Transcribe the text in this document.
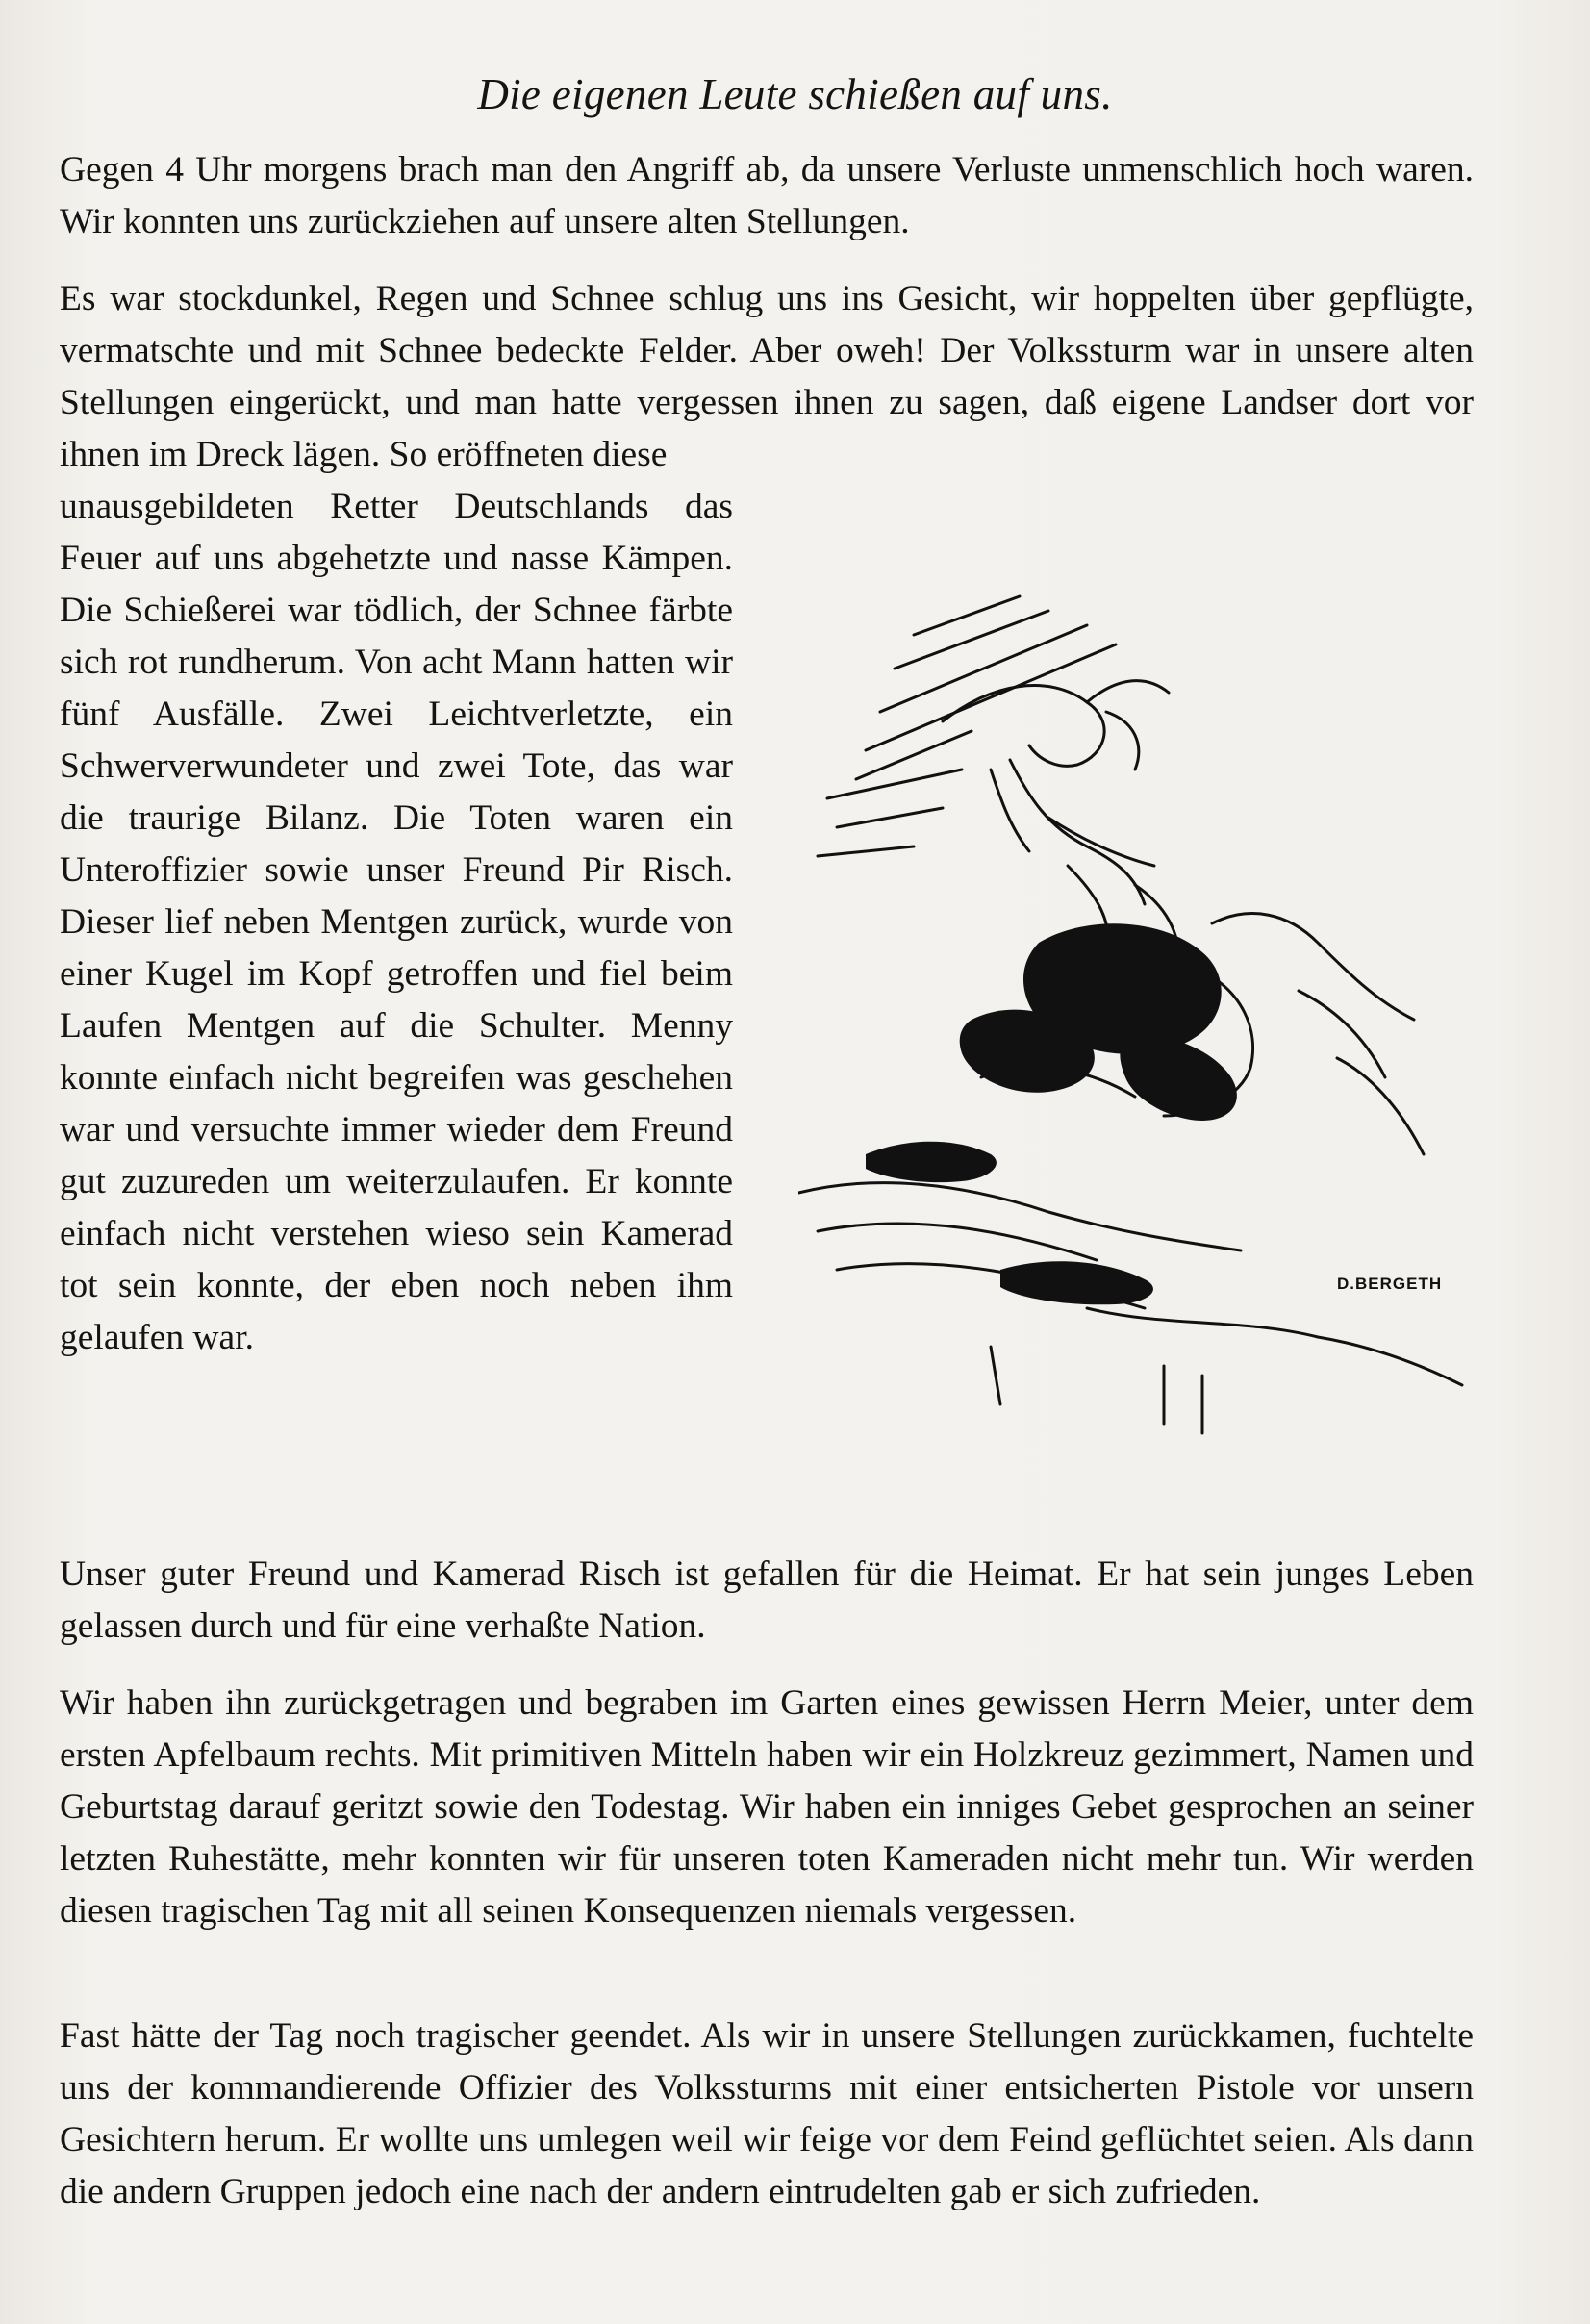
Die eigenen Leute schießen auf uns.

Gegen 4 Uhr morgens brach man den Angriff ab, da unsere Verluste unmenschlich hoch waren. Wir konnten uns zurückziehen auf unsere alten Stellungen.

Es war stockdunkel, Regen und Schnee schlug uns ins Gesicht, wir hoppelten über gepflügte, vermatschte und mit Schnee bedeckte Felder. Aber oweh! Der Volkssturm war in unsere alten Stellungen eingerückt, und man hatte vergessen ihnen zu sagen, daß eigene Landser dort vor ihnen im Dreck lägen. So eröffneten diese

unausgebildeten Retter Deutschlands das Feuer auf uns abgehetzte und nasse Kämpen. Die Schießerei war tödlich, der Schnee färbte sich rot rundherum. Von acht Mann hatten wir fünf Ausfälle. Zwei Leichtverletzte, ein Schwerverwundeter und zwei Tote, das war die traurige Bilanz. Die Toten waren ein Unteroffizier sowie unser Freund Pir Risch. Dieser lief neben Mentgen zurück, wurde von einer Kugel im Kopf getroffen und fiel beim Laufen Mentgen auf die Schulter. Menny konnte einfach nicht begreifen was geschehen war und versuchte immer wieder dem Freund gut zuzureden um weiterzulaufen. Er konnte einfach nicht verstehen wieso sein Kamerad tot sein konnte, der eben noch neben ihm gelaufen war.

Unser guter Freund und Kamerad Risch ist gefallen für die Heimat. Er hat sein junges Leben gelassen durch und für eine verhaßte Nation.

Wir haben ihn zurückgetragen und begraben im Garten eines gewissen Herrn Meier, unter dem ersten Apfelbaum rechts. Mit primitiven Mitteln haben wir ein Holzkreuz gezimmert, Namen und Geburtstag darauf geritzt sowie den Todestag. Wir haben ein inniges Gebet gesprochen an seiner letzten Ruhestätte, mehr konnten wir für unseren toten Kameraden nicht mehr tun. Wir werden diesen tragischen Tag mit all seinen Konsequenzen niemals vergessen.

Fast hätte der Tag noch tragischer geendet. Als wir in unsere Stellungen zurückkamen, fuchtelte uns der kommandierende Offizier des Volkssturms mit einer entsicherten Pistole vor unsern Gesichtern herum. Er wollte uns umlegen weil wir feige vor dem Feind geflüchtet seien. Als dann die andern Gruppen jedoch eine nach der andern eintrudelten gab er sich zufrieden.

D.BERGETH
